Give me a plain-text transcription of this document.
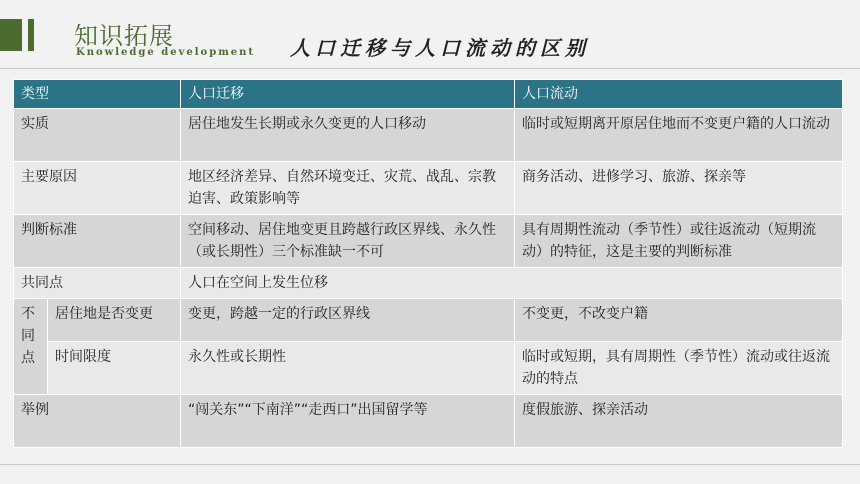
知识拓展
Knowledge development 人口迁移与人口流动的区别
类型		人口迁移	人口流动
实质		居住地发生长期或永久变更的人口移动	临时或短期离开原居住地而不变更户籍的人口流动
主要原因		地区经济差异、自然环境变迁、灾荒、战乱、宗教迫害、政策影响等	商务活动、进修学习、旅游、探亲等
判断标准		空间移动、居住地变更且跨越行政区界线、永久性（或长期性）三个标准缺一不可	具有周期性流动（季节性）或往返流动（短期流动）的特征，这是主要的判断标准
共同点		人口在空间上发生位移	
不同点	居住地是否变更	变更，跨越一定的行政区界线	不变更，不改变户籍
	时间限度	永久性或长期性	临时或短期，具有周期性（季节性）流动或往返流动的特点
举例		“闯关东”“下南洋”“走西口”出国留学等	度假旅游、探亲活动
